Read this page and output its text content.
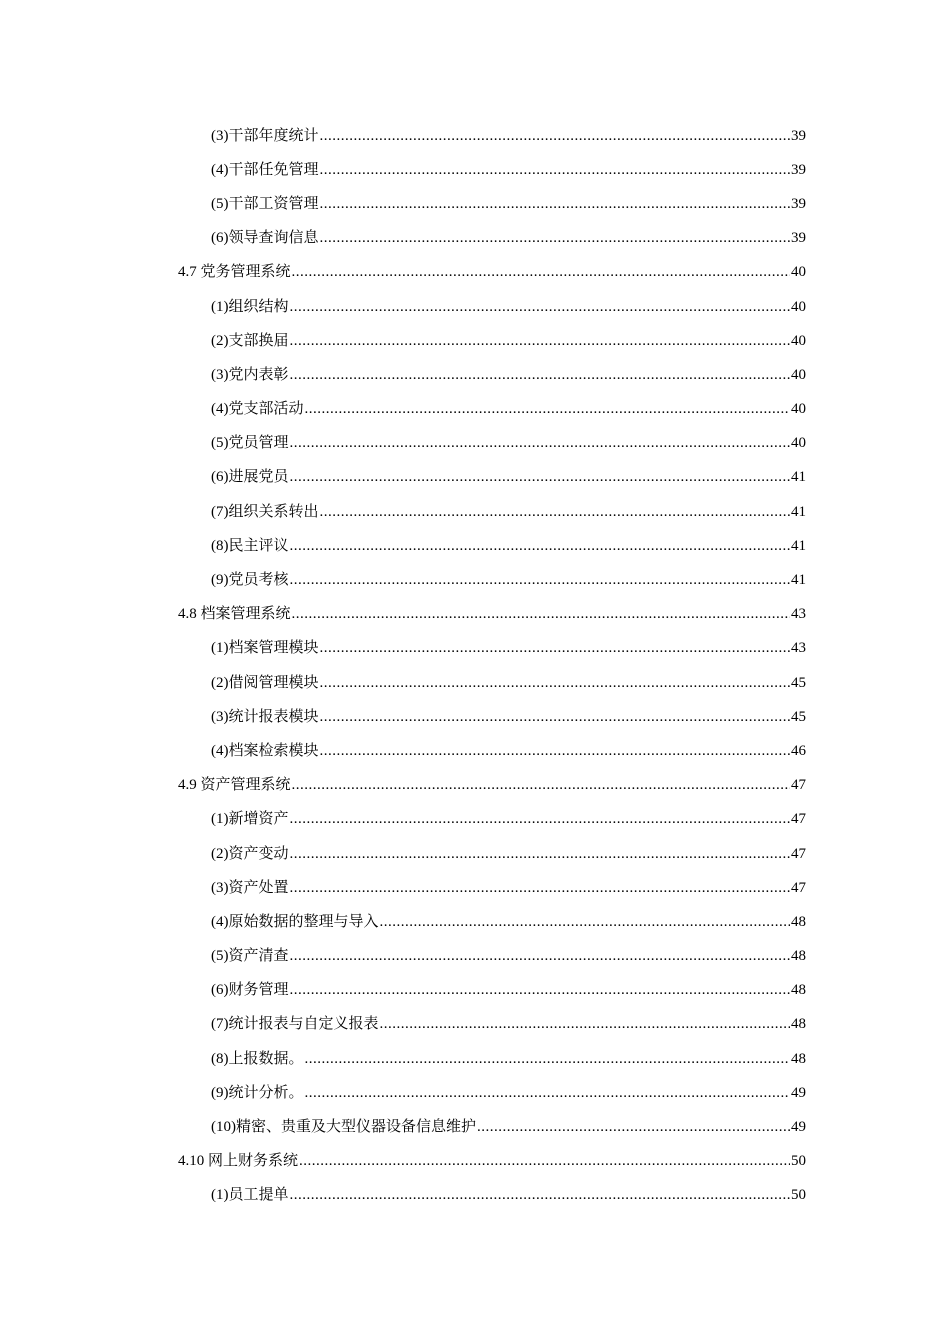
(3)干部年度统计 .....	39
(4)干部任免管理 .....	39
(5)干部工资管理 .....	39
(6)领导查询信息 .....	39
4.7 党务管理系统 .....	40
(1)组织结构 .....	40
(2)支部换届 .....	40
(3)党内表彰 .....	40
(4)党支部活动 .....	40
(5)党员管理 .....	40
(6)进展党员 .....	41
(7)组织关系转出 .....	41
(8)民主评议 .....	41
(9)党员考核 .....	41
4.8 档案管理系统 .....	43
(1)档案管理模块 .....	43
(2)借阅管理模块 .....	45
(3)统计报表模块 .....	45
(4)档案检索模块 .....	46
4.9 资产管理系统 .....	47
(1)新增资产 .....	47
(2)资产变动 .....	47
(3)资产处置 .....	47
(4)原始数据的整理与导入 .....	48
(5)资产清查 .....	48
(6)财务管理 .....	48
(7)统计报表与自定义报表 .....	48
(8)上报数据。 .....	48
(9)统计分析。 .....	49
(10)精密、贵重及大型仪器设备信息维护 .....	49
4.10 网上财务系统 .....	50
(1)员工提单 .....	50
